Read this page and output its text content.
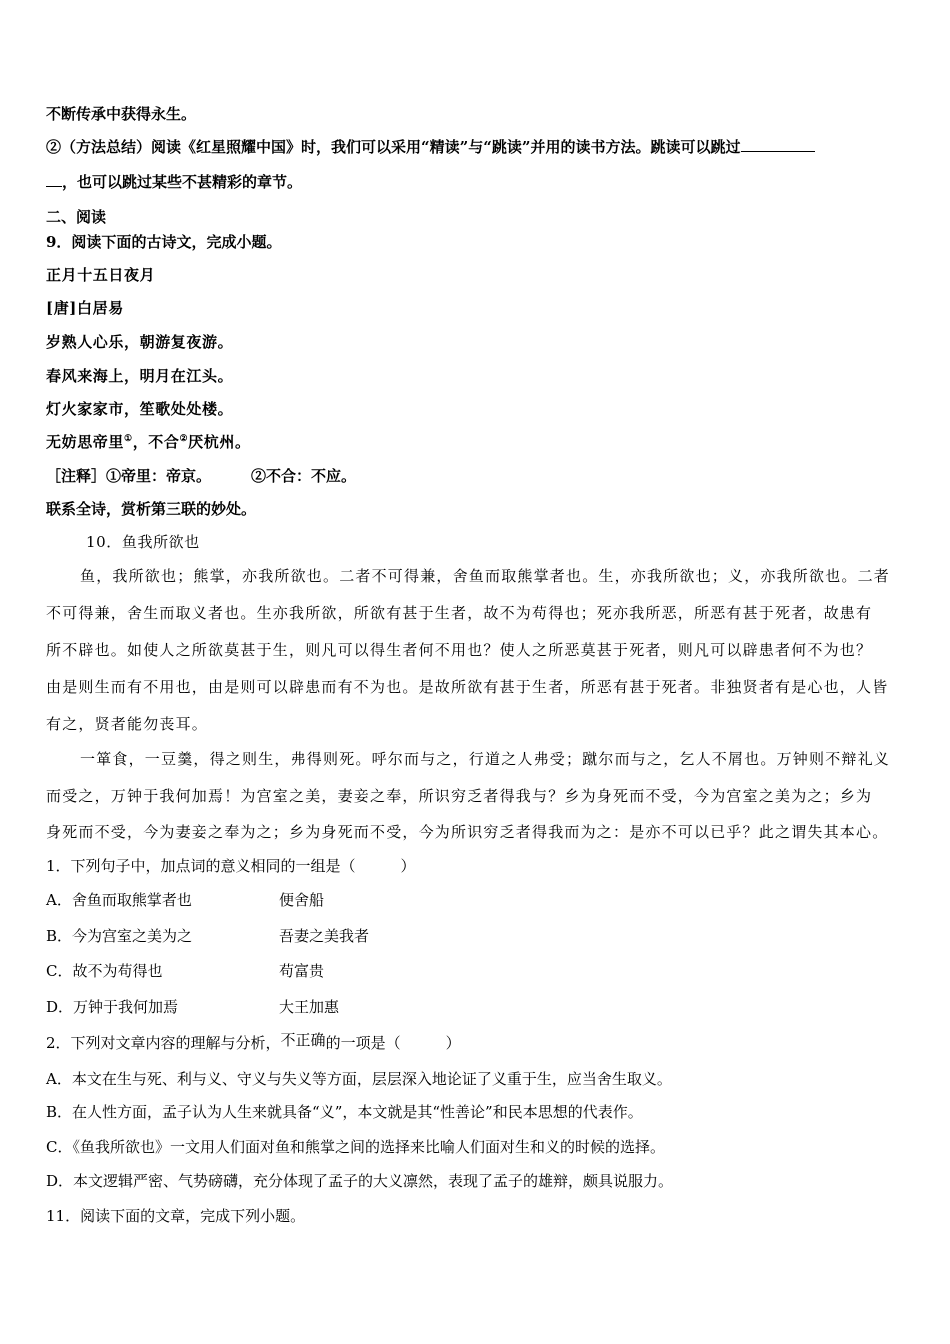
不断传承中获得永生。
②（方法总结）阅读《红星照耀中国》时，我们可以采用“精读”与“跳读”并用的读书方法。跳读可以跳过
，也可以跳过某些不甚精彩的章节。
二、阅读
9．阅读下面的古诗文，完成小题。
正月十五日夜月
[唐]白居易
岁熟人心乐，朝游复夜游。
春风来海上，明月在江头。
灯火家家市，笙歌处处楼。
无妨思帝里①，不合②厌杭州。
［注释］①帝里：帝京。	②不合：不应。
联系全诗，赏析第三联的妙处。
10．鱼我所欲也
鱼，我所欲也；熊掌，亦我所欲也。二者不可得兼，舍鱼而取熊掌者也。生，亦我所欲也；义，亦我所欲也。二者
不可得兼，舍生而取义者也。生亦我所欲，所欲有甚于生者，故不为苟得也；死亦我所恶，所恶有甚于死者，故患有
所不辟也。如使人之所欲莫甚于生，则凡可以得生者何不用也？使人之所恶莫甚于死者，则凡可以辟患者何不为也？
由是则生而有不用也，由是则可以辟患而有不为也。是故所欲有甚于生者，所恶有甚于死者。非独贤者有是心也，人皆
有之，贤者能勿丧耳。
一箪食，一豆羹，得之则生，弗得则死。呼尔而与之，行道之人弗受；蹴尔而与之，乞人不屑也。万钟则不辩礼义
而受之，万钟于我何加焉！为宫室之美，妻妾之奉，所识穷乏者得我与？乡为身死而不受，今为宫室之美为之；乡为
身死而不受，今为妻妾之奉为之；乡为身死而不受，今为所识穷乏者得我而为之：是亦不可以已乎？此之谓失其本心。
1．下列句子中，加点词的意义相同的一组是（　　　）
A．舍鱼而取熊掌者也	便舍船
B．今为宫室之美为之	吾妻之美我者
C．故不为苟得也	苟富贵
D．万钟于我何加焉	大王加惠
2．下列对文章内容的理解与分析，不正确的一项是（　　　）
A．本文在生与死、利与义、守义与失义等方面，层层深入地论证了义重于生，应当舍生取义。
B．在人性方面，孟子认为人生来就具备“义”，本文就是其“性善论”和民本思想的代表作。
C．《鱼我所欲也》一文用人们面对鱼和熊掌之间的选择来比喻人们面对生和义的时候的选择。
D．本文逻辑严密、气势磅礴，充分体现了孟子的大义凛然，表现了孟子的雄辩，颇具说服力。
11．阅读下面的文章，完成下列小题。
